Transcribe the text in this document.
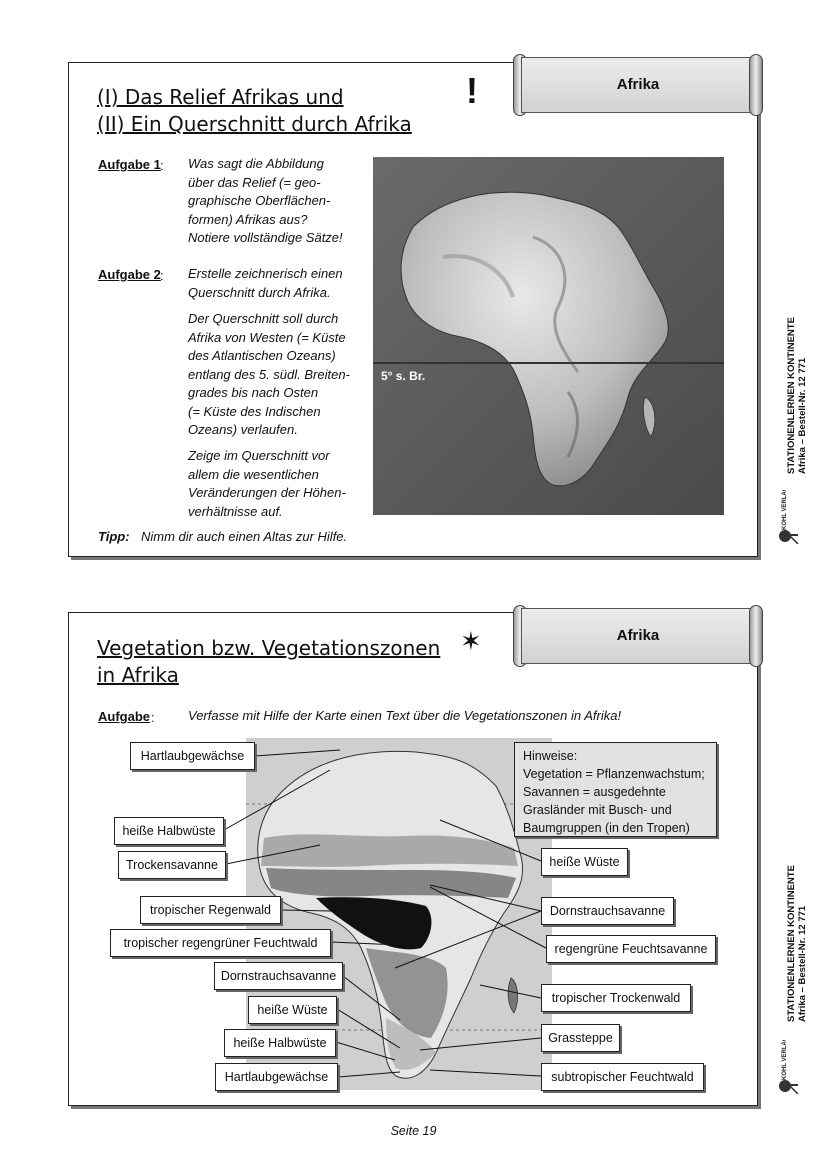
Afrika
(I) Das Relief Afrikas und
(II) Ein Querschnitt durch Afrika
!
Aufgabe 1 : Was sagt die Abbildung
über das Relief (= geo-
graphische Oberflächen-
formen) Afrikas aus?
Notiere vollständige Sätze!
Aufgabe 2 : Erstelle zeichnerisch einen
Querschnitt durch Afrika.
Der Querschnitt soll durch
Afrika von Westen (= Küste
des Atlantischen Ozeans)
entlang des 5. südl. Breiten-
grades bis nach Osten
(= Küste des Indischen
Ozeans) verlaufen.
Zeige im Querschnitt vor
allem die wesentlichen
Veränderungen der Höhen-
verhältnisse auf.
Tipp: Nimm dir auch einen Altas zur Hilfe.
5° s. Br.	STATIONENLERNEN KONTINENTE Afrika – Bestell-Nr. 12 771
KOHL VERLAG
Afrika
Vegetation bzw. Vegetationszonen
in Afrika
✶
Aufgabe :	Verfasse mit Hilfe der Karte einen Text über die Vegetationszonen in Afrika!
Hinweise:
Vegetation = Pflanzenwachstum;
Savannen = ausgedehnte
Grasländer mit Busch- und
Baumgruppen (in den Tropen)
Hartlaubgewächse
heiße Halbwüste
Trockensavanne
tropischer Regenwald
tropischer regengrüner Feuchtwald
Dornstrauchsavanne
heiße Wüste
heiße Halbwüste
Hartlaubgewächse
heiße Wüste
Dornstrauchsavanne
regengrüne Feuchtsavanne
tropischer Trockenwald
Grassteppe
subtropischer Feuchtwald
STATIONENLERNEN KONTINENTE Afrika – Bestell-Nr. 12 771
KOHL VERLAG
Seite 19
